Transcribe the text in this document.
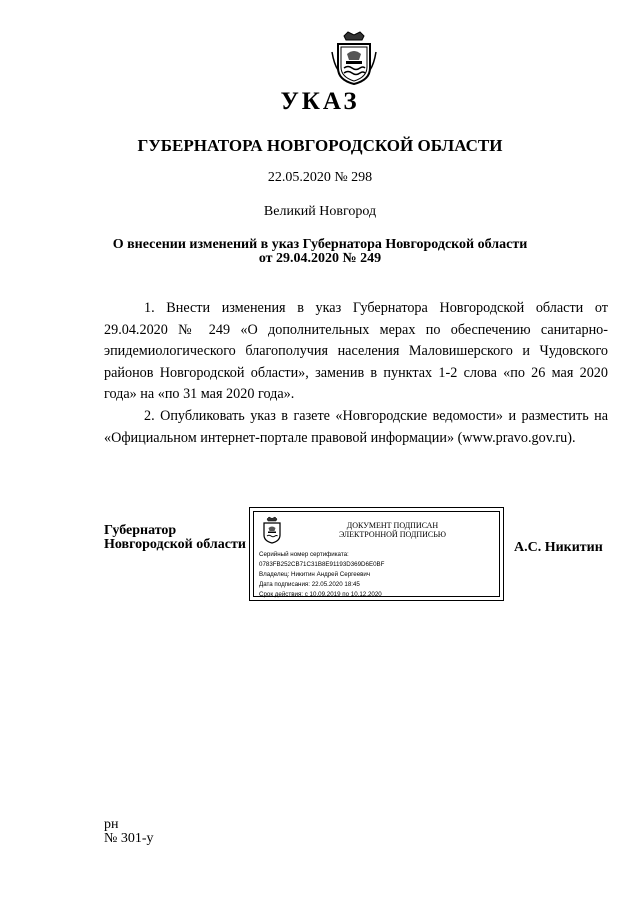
УКАЗ
ГУБЕРНАТОРА НОВГОРОДСКОЙ ОБЛАСТИ
22.05.2020 № 298
Великий Новгород
О внесении изменений в указ Губернатора Новгородской области
от 29.04.2020 № 249

1. Внести изменения в указ Губернатора Новгородской области от 29.04.2020 № 249 «О дополнительных мерах по обеспечению санитарно-эпидемиологического благополучия населения Маловишерского и Чудовского районов Новгородской области», заменив в пунктах 1-2 слова «по 26 мая 2020 года» на «по 31 мая 2020 года».

2. Опубликовать указ в газете «Новгородские ведомости» и разместить на «Официальном интернет-портале правовой информации» (www.pravo.gov.ru).

Губернатор
Новгородской области
ДОКУМЕНТ ПОДПИСАН
ЭЛЕКТРОННОЙ ПОДПИСЬЮ
Серийный номер сертификата:
0783FB252CB71C31B8E91193D369D6E0BF
Владелец: Никитин Андрей Сергеевич
Дата подписания: 22.05.2020 18:45
Срок действия: с 10.09.2019 по 10.12.2020
А.С. Никитин
рн
№ 301-у
